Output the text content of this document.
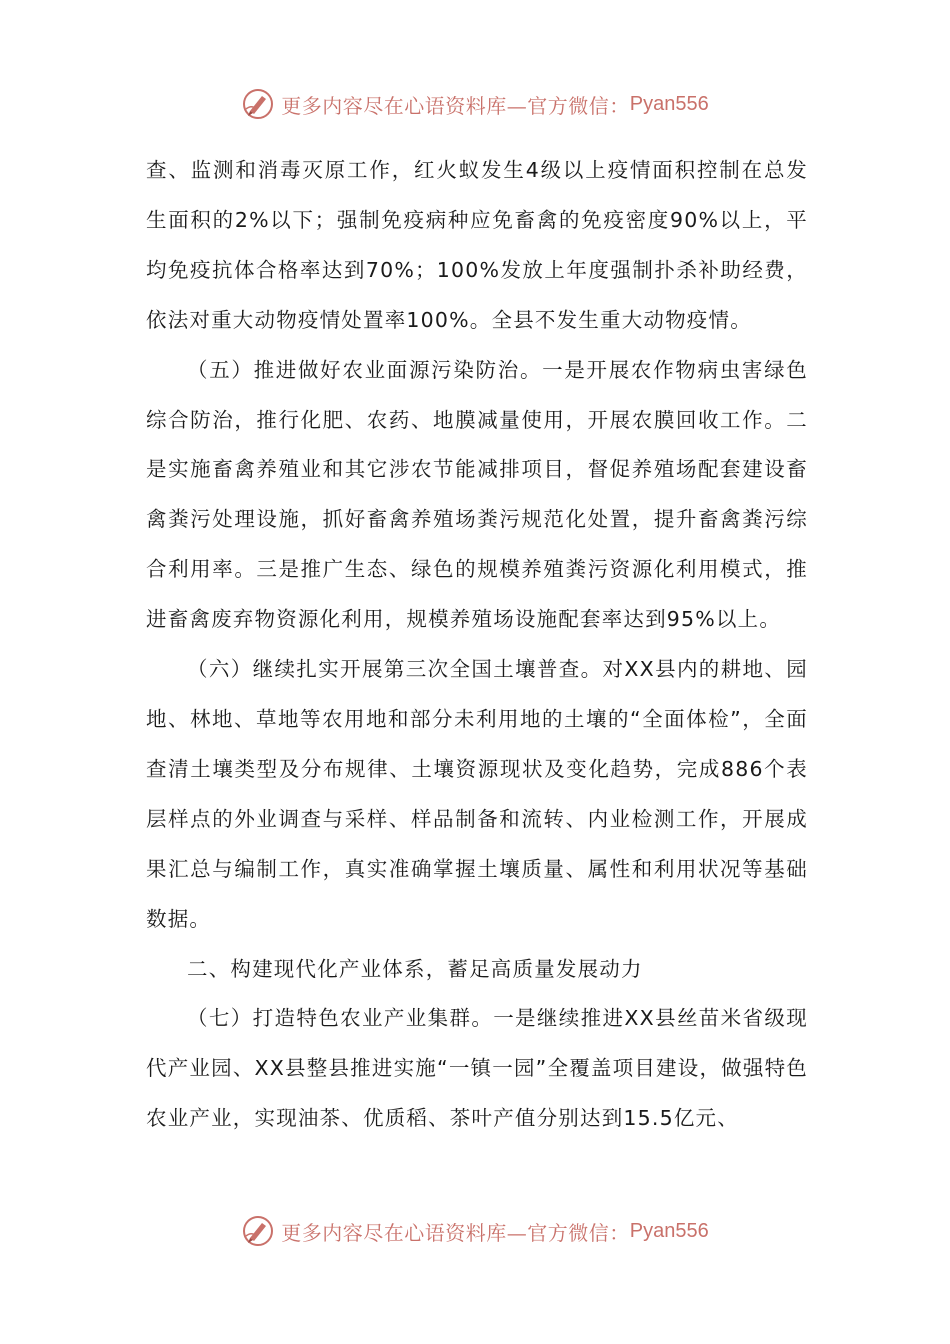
更多内容尽在心语资料库—官方微信： Pyan556

查、监测和消毒灭原工作，红火蚁发生4级以上疫情面积控制在总发生面积的2%以下；强制免疫病种应免畜禽的免疫密度90%以上，平均免疫抗体合格率达到70%；100%发放上年度强制扑杀补助经费，依法对重大动物疫情处置率100%。全县不发生重大动物疫情。

（五）推进做好农业面源污染防治。一是开展农作物病虫害绿色综合防治，推行化肥、农药、地膜减量使用，开展农膜回收工作。二是实施畜禽养殖业和其它涉农节能减排项目，督促养殖场配套建设畜禽粪污处理设施，抓好畜禽养殖场粪污规范化处置，提升畜禽粪污综合利用率。三是推广生态、绿色的规模养殖粪污资源化利用模式，推进畜禽废弃物资源化利用，规模养殖场设施配套率达到95%以上。

（六）继续扎实开展第三次全国土壤普查。对XX县内的耕地、园地、林地、草地等农用地和部分未利用地的土壤的“全面体检”，全面查清土壤类型及分布规律、土壤资源现状及变化趋势，完成886个表层样点的外业调查与采样、样品制备和流转、内业检测工作，开展成果汇总与编制工作，真实准确掌握土壤质量、属性和利用状况等基础数据。

二、构建现代化产业体系，蓄足高质量发展动力

（七）打造特色农业产业集群。一是继续推进XX县丝苗米省级现代产业园、XX县整县推进实施“一镇一园”全覆盖项目建设，做强特色农业产业，实现油茶、优质稻、茶叶产值分别达到15.5亿元、

更多内容尽在心语资料库—官方微信： Pyan556
